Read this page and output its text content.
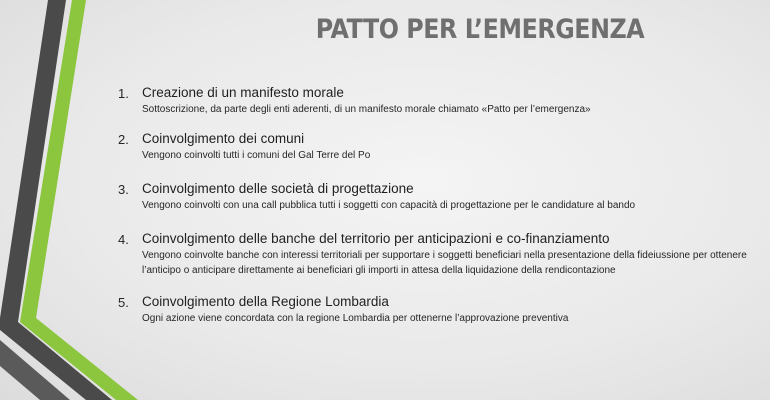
PATTO PER L’EMERGENZA
1. Creazione di un manifesto morale
Sottoscrizione, da parte degli enti aderenti, di un manifesto morale chiamato «Patto per l’emergenza»
2. Coinvolgimento dei comuni
Vengono coinvolti tutti i comuni del Gal Terre del Po
3. Coinvolgimento delle società di progettazione
Vengono coinvolti con una call pubblica tutti i soggetti con capacità di progettazione per le candidature al bando
4. Coinvolgimento delle banche del territorio per anticipazioni e co-finanziamento
Vengono coinvolte banche con interessi territoriali per supportare i soggetti beneficiari nella presentazione della fideiussione per ottenere l’anticipo o anticipare direttamente ai beneficiari gli importi in attesa della liquidazione della rendicontazione
5. Coinvolgimento della Regione Lombardia
Ogni azione viene concordata con la regione Lombardia per ottenerne l’approvazione preventiva
